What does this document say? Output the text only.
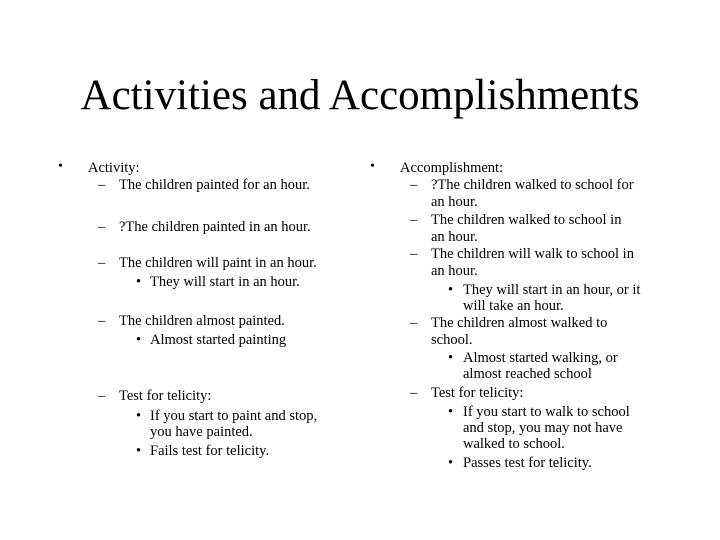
Activities and Accomplishments
• Activity:
– The children painted for an hour.
– ?The children painted in an hour.
– The children will paint in an hour.
• They will start in an hour.
– The children almost painted.
• Almost started painting
– Test for telicity:
• If you start to paint and stop,
you have painted.
• Fails test for telicity.
• Accomplishment:
– ?The children walked to school for
an hour.
– The children walked to school in
an hour.
– The children will walk to school in
an hour.
• They will start in an hour, or it
will take an hour.
– The children almost walked to
school.
• Almost started walking, or
almost reached school
– Test for telicity:
• If you start to walk to school
and stop, you may not have
walked to school.
• Passes test for telicity.
